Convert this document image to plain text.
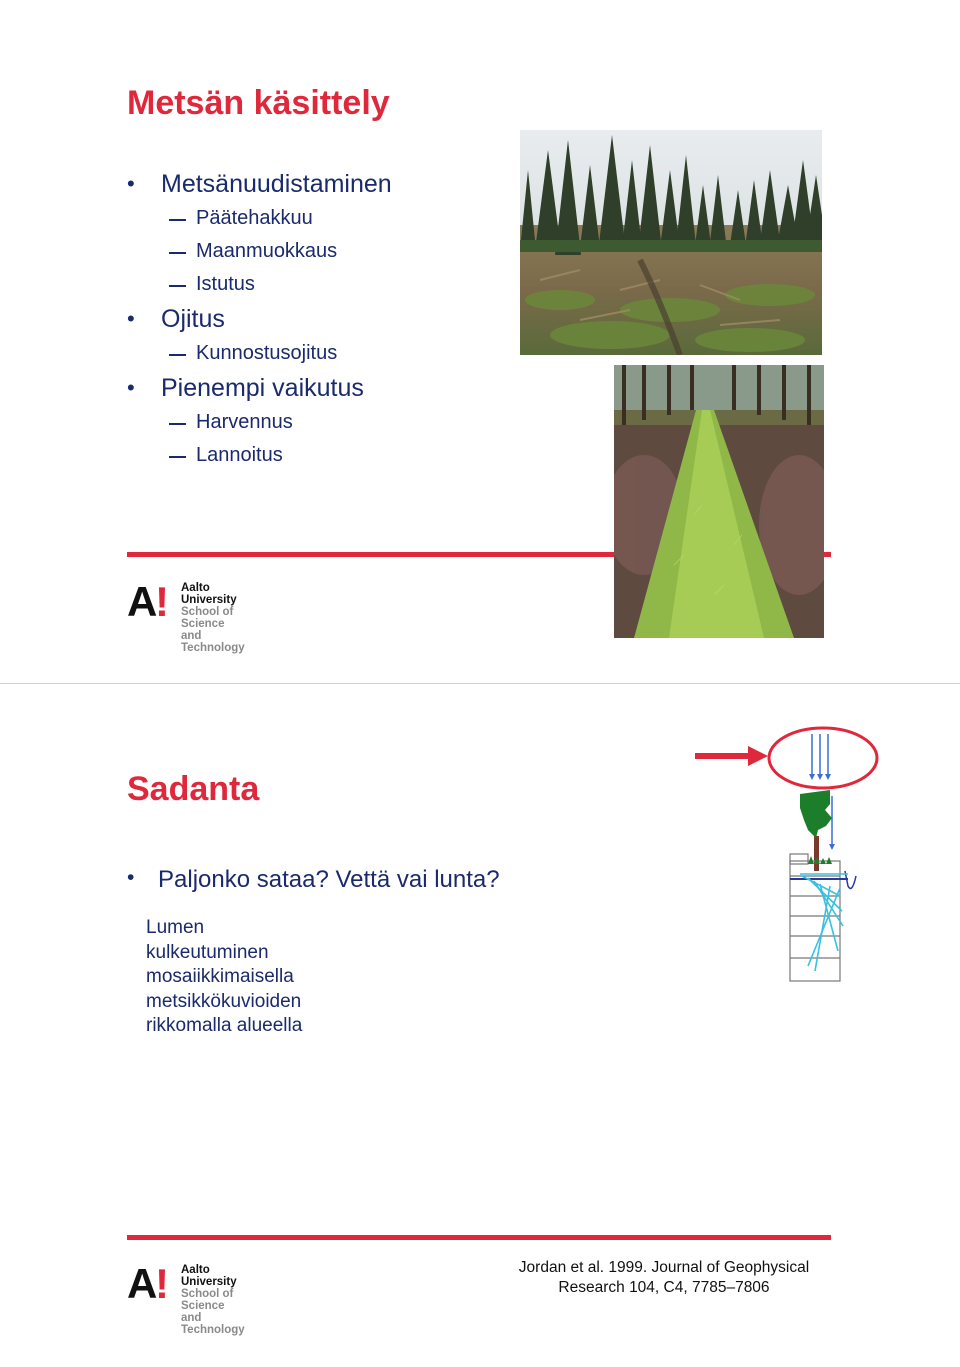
Metsän käsittely
• Metsänuudistaminen
Päätehakkuu
Maanmuokkaus
Istutus
• Ojitus
Kunnostusojitus
• Pienempi vaikutus
Harvennus
Lannoitus
A
! Aalto University
School of Science
and Technology
Sadanta
• Paljonko sataa? Vettä vai lunta?
Lumen
kulkeutuminen
mosaiikkimaisella
metsikkökuvioiden
rikkomalla alueella
A
! Aalto University
School of Science
and Technology
Jordan et al. 1999. Journal of Geophysical
Research 104, C4, 7785–7806
